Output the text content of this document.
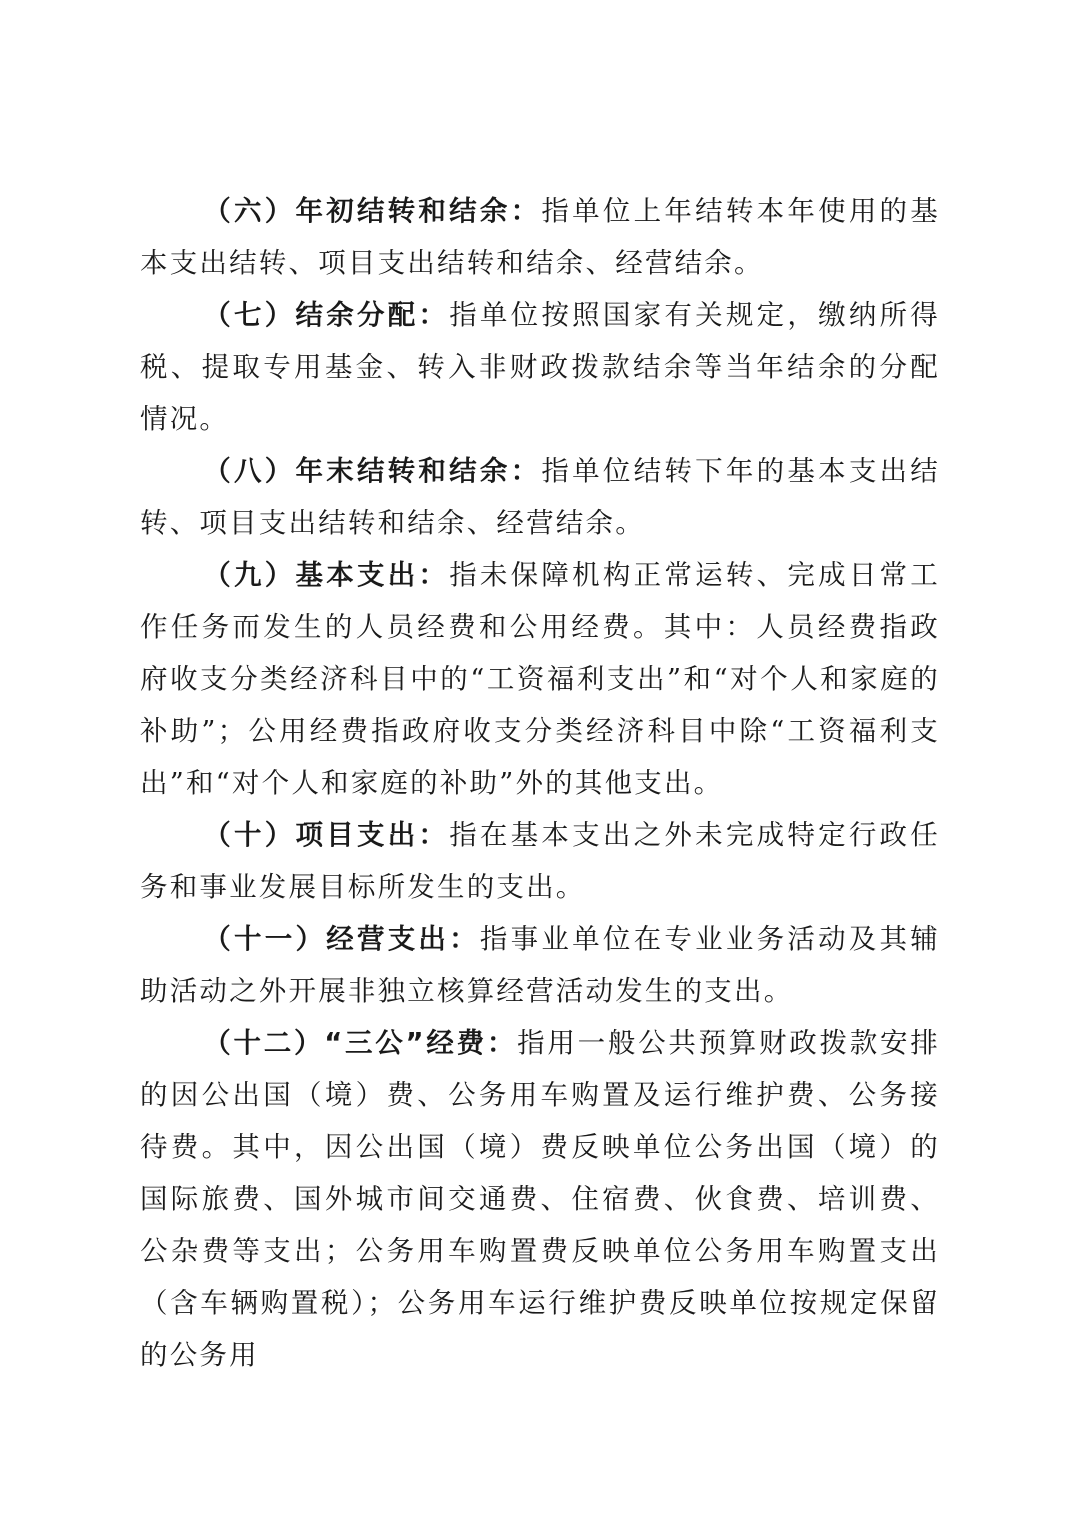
（六）年初结转和结余：指单位上年结转本年使用的基本支出结转、项目支出结转和结余、经营结余。

（七）结余分配：指单位按照国家有关规定，缴纳所得税、提取专用基金、转入非财政拨款结余等当年结余的分配情况。

（八）年末结转和结余：指单位结转下年的基本支出结转、项目支出结转和结余、经营结余。

（九）基本支出：指未保障机构正常运转、完成日常工作任务而发生的人员经费和公用经费。其中：人员经费指政府收支分类经济科目中的“工资福利支出”和“对个人和家庭的补助”；公用经费指政府收支分类经济科目中除“工资福利支出”和“对个人和家庭的补助”外的其他支出。

（十）项目支出：指在基本支出之外未完成特定行政任务和事业发展目标所发生的支出。

（十一）经营支出：指事业单位在专业业务活动及其辅助活动之外开展非独立核算经营活动发生的支出。

（十二）“三公”经费：指用一般公共预算财政拨款安排的因公出国（境）费、公务用车购置及运行维护费、公务接待费。其中，因公出国（境）费反映单位公务出国（境）的国际旅费、国外城市间交通费、住宿费、伙食费、培训费、公杂费等支出；公务用车购置费反映单位公务用车购置支出（含车辆购置税）；公务用车运行维护费反映单位按规定保留的公务用
